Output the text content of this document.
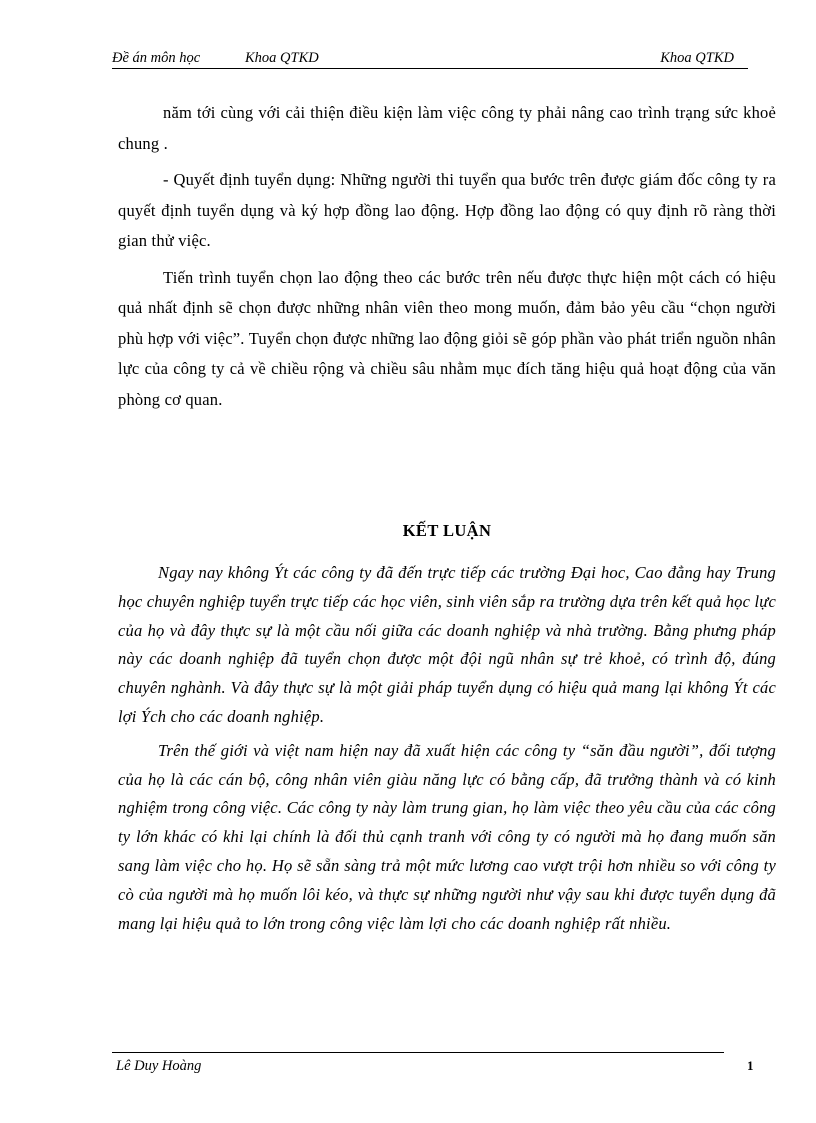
Đề án môn học	Khoa QTKD	Khoa QTKD

năm tới cùng với cải thiện điều kiện làm việc công ty phải nâng cao trình trạng sức khoẻ chung .

- Quyết định tuyển dụng: Những người thi tuyển qua bước trên được giám đốc công ty ra quyết định tuyển dụng và ký hợp đồng lao động. Hợp đồng lao động có quy định rõ ràng thời gian thử việc.

Tiến trình tuyển chọn lao động theo các bước trên nếu được thực hiện một cách có hiệu quả nhất định sẽ chọn được những nhân viên theo mong muốn, đảm bảo yêu cầu “chọn người phù hợp với việc”. Tuyển chọn được những lao động giỏi sẽ góp phần vào phát triển nguồn nhân lực của công ty cả về chiều rộng và chiều sâu nhằm mục đích tăng hiệu quả hoạt động của văn phòng cơ quan.

KẾT LUẬN

Ngay nay không Ýt các công ty đã đến trực tiếp các trường Đại hoc, Cao đẳng hay Trung học chuyên nghiệp tuyển trực tiếp các học viên, sinh viên sắp ra trường dựa trên kết quả học lực của họ và đây thực sự là một cầu nối giữa các doanh nghiệp và nhà trường. Bằng phưng pháp này các doanh nghiệp đã tuyển chọn được một đội ngũ nhân sự trẻ khoẻ, có trình độ, đúng chuyên nghành. Và đây thực sự là một giải pháp tuyển dụng có hiệu quả mang lại không Ýt các lợi Ých cho các doanh nghiệp.

Trên thế giới và việt nam hiện nay đã xuất hiện các công ty “săn đầu người”, đối tượng của họ là các cán bộ, công nhân viên giàu năng lực có bằng cấp, đã trưởng thành và có kinh nghiệm trong công việc. Các công ty này làm trung gian, họ làm việc theo yêu cầu của các công ty lớn khác có khi lại chính là đối thủ cạnh tranh với công ty có người mà họ đang muốn săn sang làm việc cho họ. Họ sẽ sẵn sàng trả một mức lương cao vượt trội hơn nhiều so với công ty cò của người mà họ muốn lôi kéo, và thực sự những người như vậy sau khi được tuyển dụng đã mang lại hiệu quả to lớn trong công việc làm lợi cho các doanh nghiệp rất nhiều.

Lê Duy Hoàng	1
